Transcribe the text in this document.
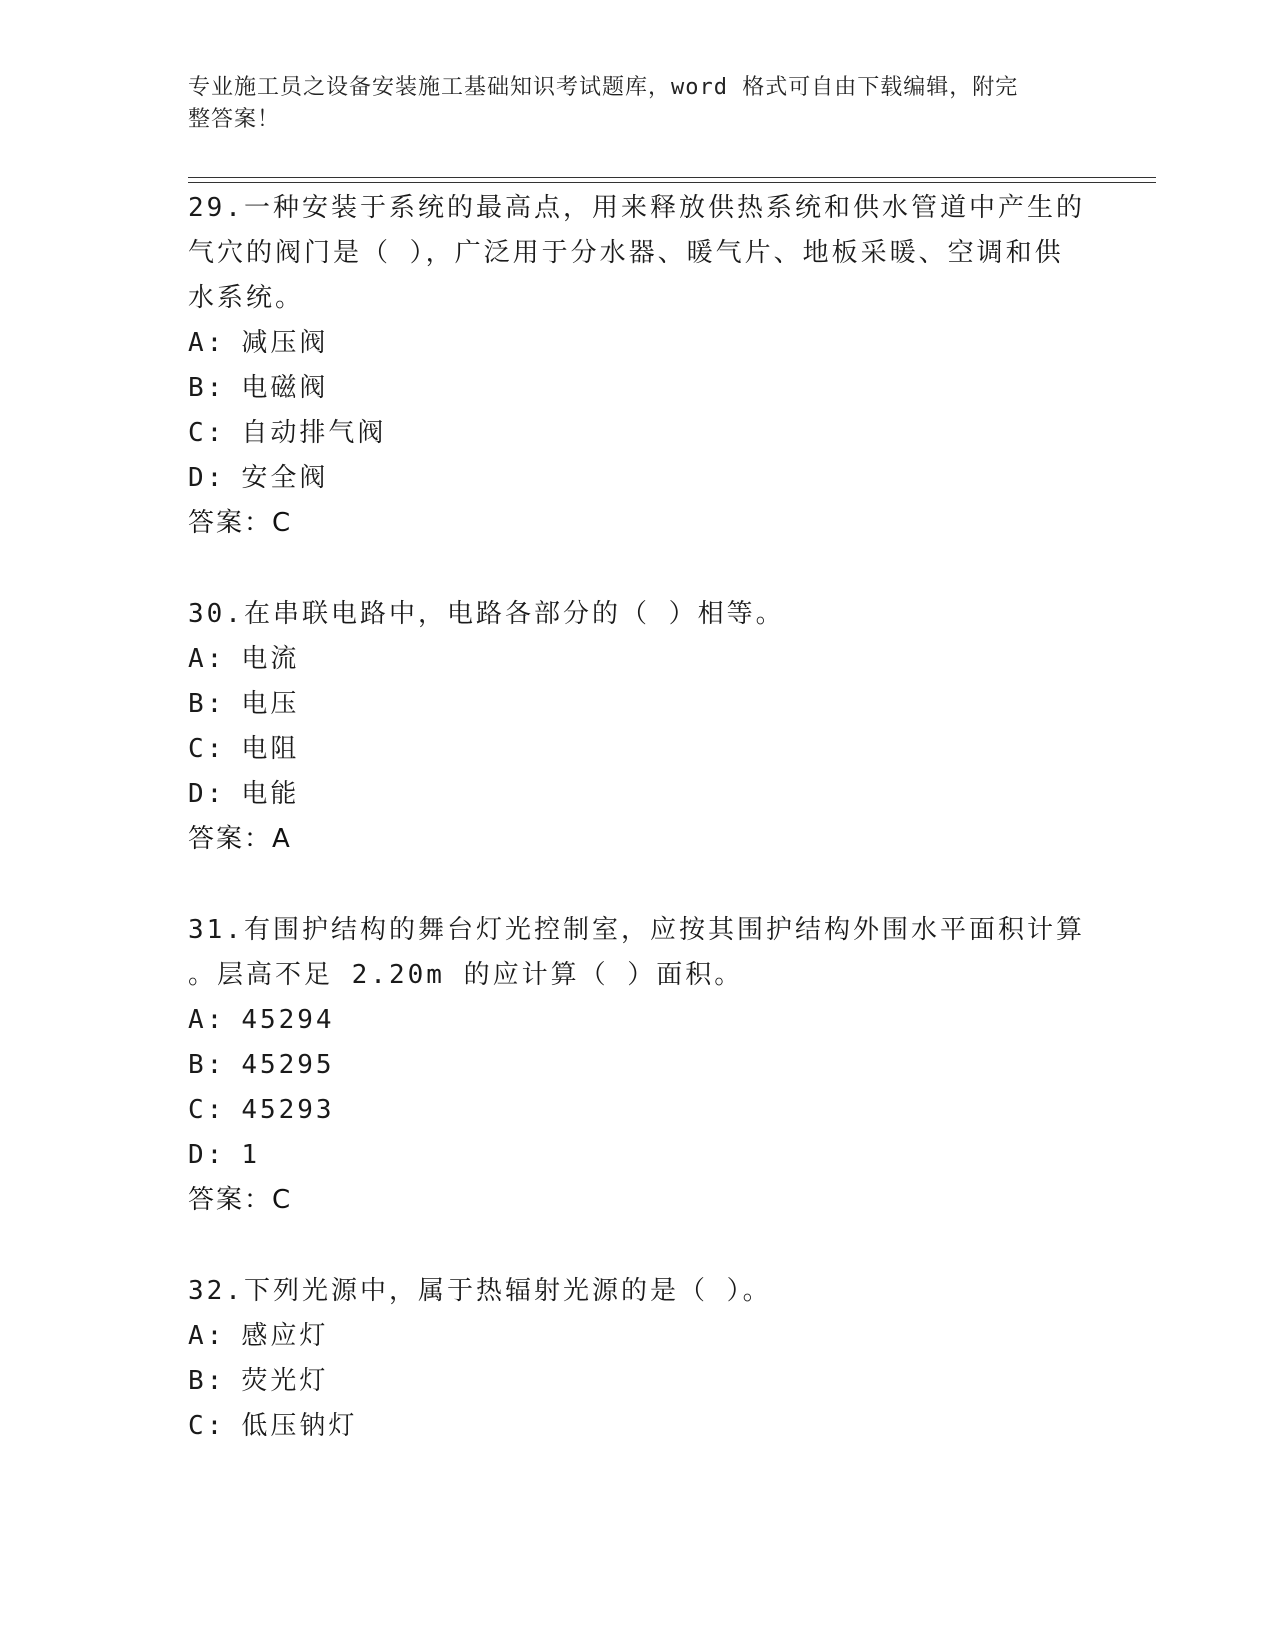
专业施工员之设备安装施工基础知识考试题库，word 格式可自由下载编辑，附完
整答案！

29.一种安装于系统的最高点，用来释放供热系统和供水管道中产生的

气穴的阀门是（ ），广泛用于分水器、暖气片、地板采暖、空调和供

水系统。

A: 减压阀

B: 电磁阀

C: 自动排气阀

D: 安全阀

答案：C

30.在串联电路中，电路各部分的（ ）相等。

A: 电流

B: 电压

C: 电阻

D: 电能

答案：A

31.有围护结构的舞台灯光控制室，应按其围护结构外围水平面积计算

。层高不足 2.20m 的应计算（ ）面积。

A: 45294

B: 45295

C: 45293

D: 1

答案：C

32.下列光源中，属于热辐射光源的是（ ）。

A: 感应灯

B: 荧光灯

C: 低压钠灯
